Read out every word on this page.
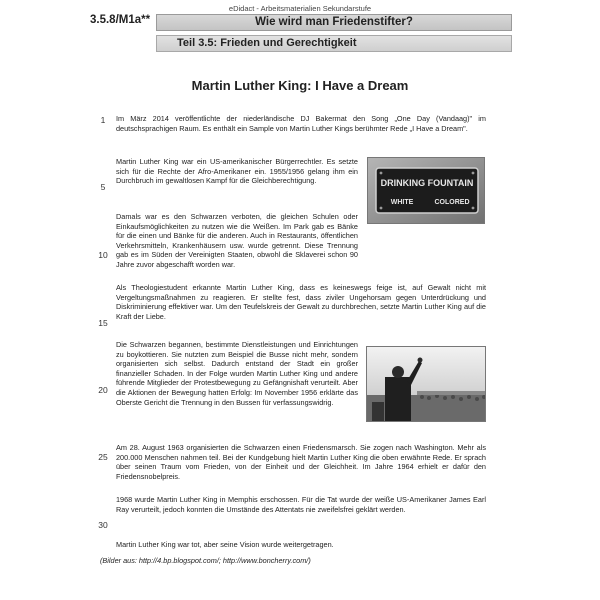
eDidact - Arbeitsmaterialien Sekundarstufe
3.5.8/M1a**	Wie wird man Friedenstifter?
Teil 3.5: Frieden und Gerechtigkeit
Martin Luther King: I Have a Dream
1
5
10
15
20
25
30

Im März 2014 veröffentlichte der niederländische DJ Bakermat den Song „One Day (Vandaag)" im deutschsprachigen Raum. Es enthält ein Sample von Martin Luther Kings berühmter Rede „I Have a Dream".

Martin Luther King war ein US-amerikanischer Bürgerrechtler. Es setzte sich für die Rechte der Afro-Amerikaner ein. 1955/1956 gelang ihm ein Durchbruch im gewaltlosen Kampf für die Gleichberechtigung.

Damals war es den Schwarzen verboten, die gleichen Schulen oder Einkaufsmöglichkeiten zu nutzen wie die Weißen. Im Park gab es Bänke für die einen und Bänke für die anderen. Auch in Restaurants, öffentlichen Verkehrsmitteln, Krankenhäusern usw. wurde getrennt. Diese Trennung gab es im Süden der Vereinigten Staaten, obwohl die Sklaverei schon 90 Jahre zuvor abgeschafft worden war.

Als Theologiestudent erkannte Martin Luther King, dass es keineswegs feige ist, auf Gewalt nicht mit Vergeltungsmaßnahmen zu reagieren. Er stellte fest, dass ziviler Ungehorsam gegen Unterdrückung und Diskriminierung effektiver war. Um den Teufelskreis der Gewalt zu durchbrechen, setzte Martin Luther King auf die Kraft der Liebe.

Die Schwarzen begannen, bestimmte Dienstleistungen und Einrichtungen zu boykottieren. Sie nutzten zum Beispiel die Busse nicht mehr, sondern organisierten sich selbst. Dadurch entstand der Stadt ein großer finanzieller Schaden. In der Folge wurden Martin Luther King und andere führende Mitglieder der Protestbewegung zu Gefängnishaft verurteilt. Aber die Aktionen der Bewegung hatten Erfolg: Im November 1956 erklärte das Oberste Gericht die Trennung in den Bussen für verfassungswidrig.

Am 28. August 1963 organisierten die Schwarzen einen Friedensmarsch. Sie zogen nach Washington. Mehr als 200.000 Menschen nahmen teil. Bei der Kundgebung hielt Martin Luther King die oben erwähnte Rede. Er sprach über seinen Traum vom Frieden, von der Einheit und der Gleichheit. Im Jahre 1964 erhielt er dafür den Friedensnobelpreis.

1968 wurde Martin Luther King in Memphis erschossen. Für die Tat wurde der weiße US-Amerikaner James Earl Ray verurteilt, jedoch konnten die Umstände des Attentats nie zweifelsfrei geklärt werden.

Martin Luther King war tot, aber seine Vision wurde weitergetragen.

DRINKING FOUNTAIN
WHITE	COLORED
(Bilder aus: http://4.bp.blogspot.com/; http://www.boncherry.com/)
